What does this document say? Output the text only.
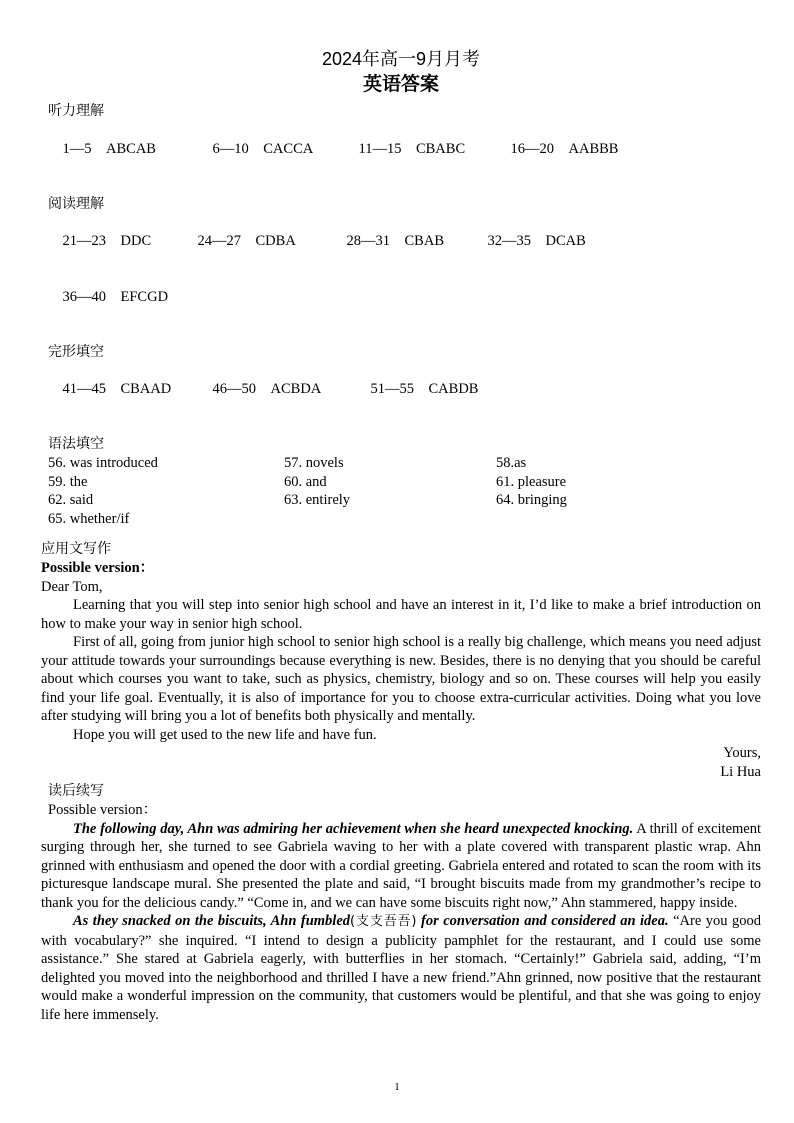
2024年高一9月月考
英语答案
听力理解

1—5 ABCAB	6—10 CACCA	11—15 CBABC	16—20 AABBB

阅读理解

21—23 DDC	24—27 CDBA	28—31 CBAB	32—35 DCAB

36—40 EFCGD

完形填空

41—45 CBAAD	46—50 ACBDA	51—55 CABDB

语法填空
56. was introduced	57. novels	58.as
59. the	60. and	61. pleasure
62. said	63. entirely	64. bringing
65. whether/if
应用文写作

Possible version：

Dear Tom,

Learning that you will step into senior high school and have an interest in it, I’d like to make a brief introduction on how to make your way in senior high school.

First of all, going from junior high school to senior high school is a really big challenge, which means you need adjust your attitude towards your surroundings because everything is new. Besides, there is no denying that you should be careful about which courses you want to take, such as physics, chemistry, biology and so on. These courses will help you easily find your life goal. Eventually, it is also of importance for you to choose extra-curricular activities. Doing what you love after studying will bring you a lot of benefits both physically and mentally.

Hope you will get used to the new life and have fun.

Yours,
Li Hua
读后续写

Possible version：

The following day, Ahn was admiring her achievement when she heard unexpected knocking. A thrill of excitement surging through her, she turned to see Gabriela waving to her with a plate covered with transparent plastic wrap. Ahn grinned with enthusiasm and opened the door with a cordial greeting. Gabriela entered and rotated to scan the room with its picturesque landscape mural. She presented the plate and said, “I brought biscuits made from my grandmother’s recipe to thank you for the delicious candy.” “Come in, and we can have some biscuits right now,” Ahn stammered, happy inside.

As they snacked on the biscuits, Ahn fumbled(支支吾吾) for conversation and considered an idea. “Are you good with vocabulary?” she inquired. “I intend to design a publicity pamphlet for the restaurant, and I could use some assistance.” She stared at Gabriela eagerly, with butterflies in her stomach. “Certainly!” Gabriela said, adding, “I’m delighted you moved into the neighborhood and thrilled I have a new friend.”Ahn grinned, now positive that the restaurant would make a wonderful impression on the community, that customers would be plentiful, and that she was going to enjoy life here immensely.

1
